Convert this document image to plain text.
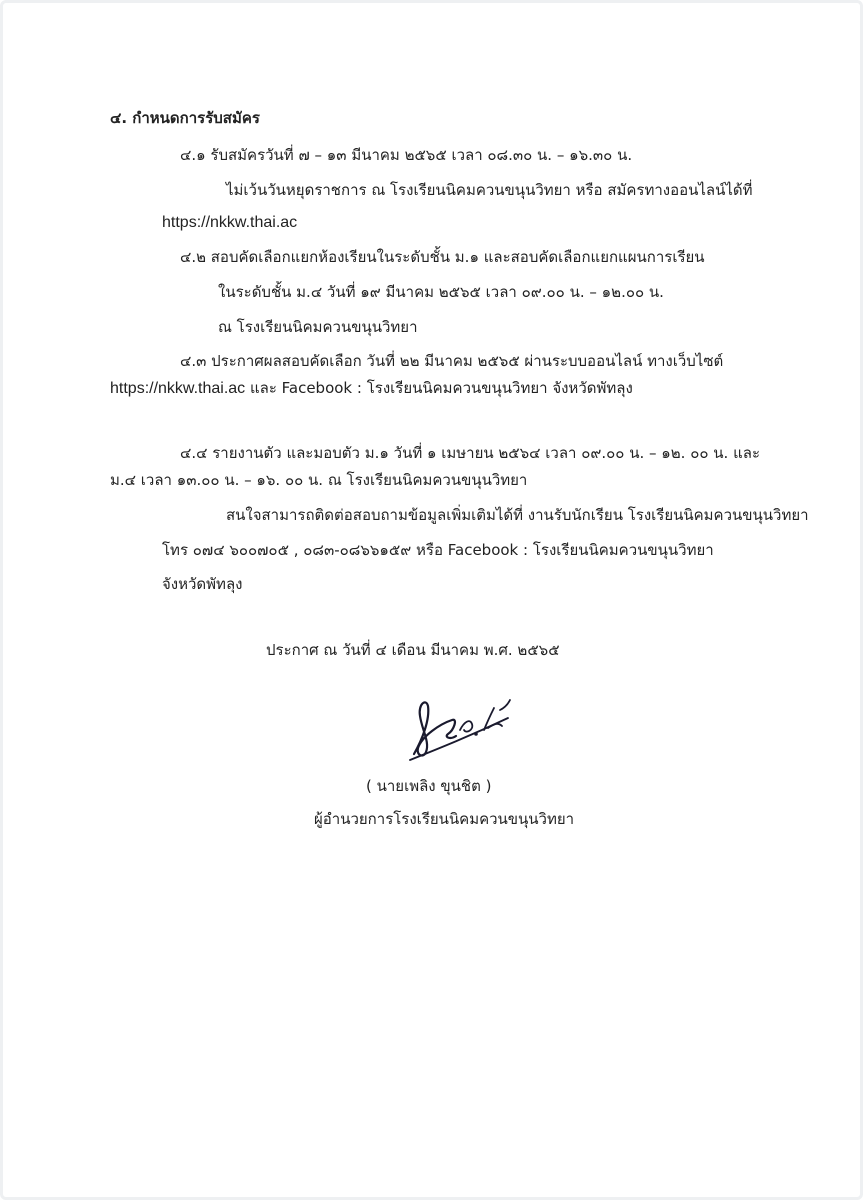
๔. กำหนดการรับสมัคร
๔.๑ รับสมัครวันที่ ๗ – ๑๓ มีนาคม ๒๕๖๕ เวลา ๐๘.๓๐ น. – ๑๖.๓๐ น.
ไม่เว้นวันหยุดราชการ ณ โรงเรียนนิคมควนขนุนวิทยา หรือ สมัครทางออนไลน์ได้ที่
https://nkkw.thai.ac
๔.๒ สอบคัดเลือกแยกห้องเรียนในระดับชั้น ม.๑ และสอบคัดเลือกแยกแผนการเรียน
ในระดับชั้น ม.๔ วันที่ ๑๙ มีนาคม ๒๕๖๕ เวลา ๐๙.๐๐ น. – ๑๒.๐๐ น.
ณ โรงเรียนนิคมควนขนุนวิทยา
๔.๓ ประกาศผลสอบคัดเลือก วันที่ ๒๒ มีนาคม ๒๕๖๕ ผ่านระบบออนไลน์ ทางเว็บไซต์
https://nkkw.thai.ac และ Facebook : โรงเรียนนิคมควนขนุนวิทยา จังหวัดพัทลุง
๔.๔ รายงานตัว และมอบตัว ม.๑ วันที่ ๑ เมษายน ๒๕๖๔ เวลา ๐๙.๐๐ น. – ๑๒. ๐๐ น. และ
ม.๔ เวลา ๑๓.๐๐ น. – ๑๖. ๐๐ น. ณ โรงเรียนนิคมควนขนุนวิทยา
สนใจสามารถติดต่อสอบถามข้อมูลเพิ่มเติมได้ที่ งานรับนักเรียน โรงเรียนนิคมควนขนุนวิทยา
โทร ๐๗๔ ๖๐๐๗๐๕ , ๐๘๓-๐๘๖๖๑๕๙ หรือ Facebook : โรงเรียนนิคมควนขนุนวิทยา
จังหวัดพัทลุง
ประกาศ ณ วันที่ ๔ เดือน มีนาคม พ.ศ. ๒๕๖๕
( นายเพลิง ขุนชิต )
ผู้อำนวยการโรงเรียนนิคมควนขนุนวิทยา
